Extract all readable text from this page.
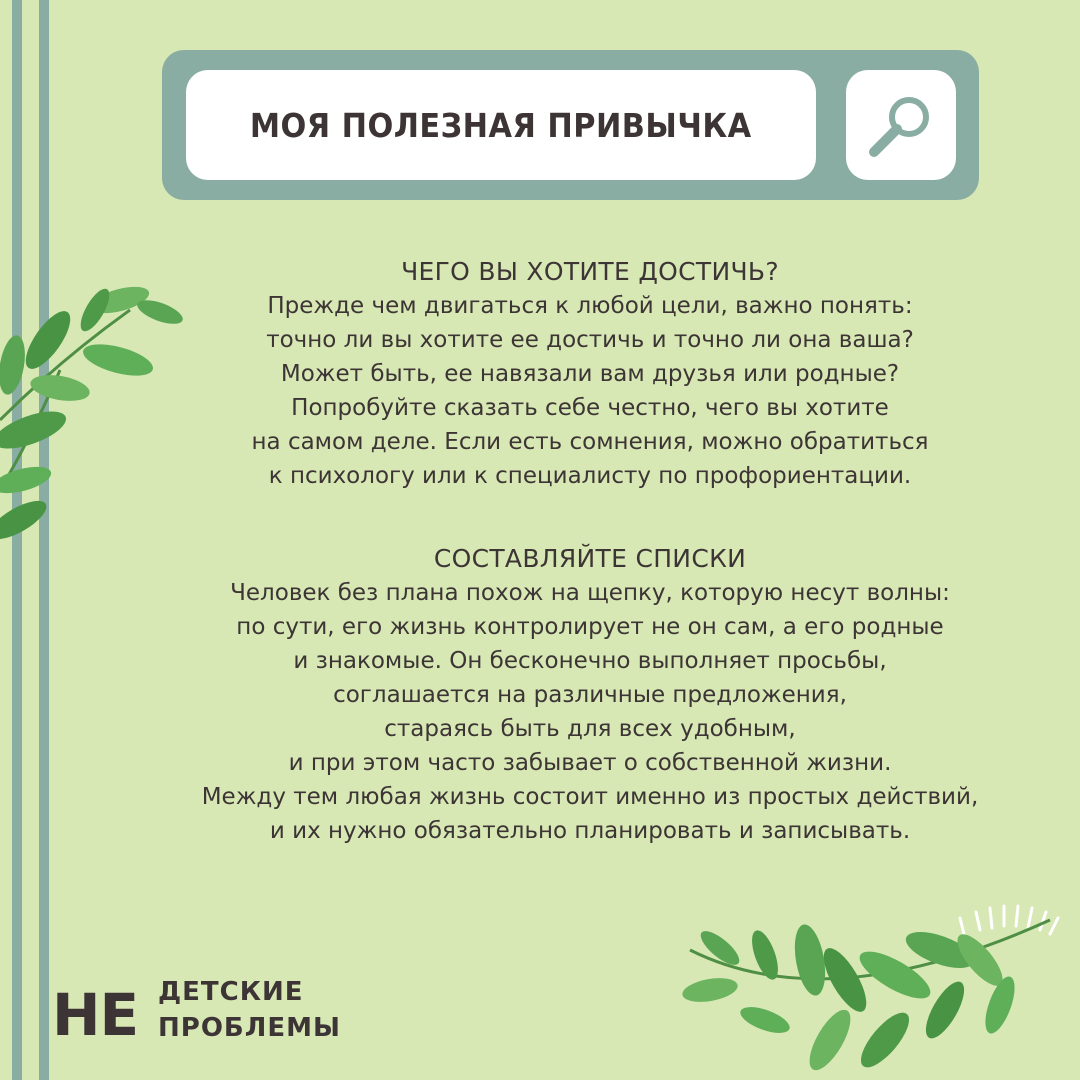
МОЯ ПОЛЕЗНАЯ ПРИВЫЧКА
ЧЕГО ВЫ ХОТИТЕ ДОСТИЧЬ?
Прежде чем двигаться к любой цели, важно понять:
точно ли вы хотите ее достичь и точно ли она ваша?
Может быть, ее навязали вам друзья или родные?
Попробуйте сказать себе честно, чего вы хотите
на самом деле. Если есть сомнения, можно обратиться
к психологу или к специалисту по профориентации.
СОСТАВЛЯЙТЕ СПИСКИ
Человек без плана похож на щепку, которую несут волны:
по сути, его жизнь контролирует не он сам, а его родные
и знакомые. Он бесконечно выполняет просьбы,
соглашается на различные предложения,
стараясь быть для всех удобным,
и при этом часто забывает о собственной жизни.
Между тем любая жизнь состоит именно из простых действий,
и их нужно обязательно планировать и записывать.
НЕ ДЕТСКИЕ
ПРОБЛЕМЫ
